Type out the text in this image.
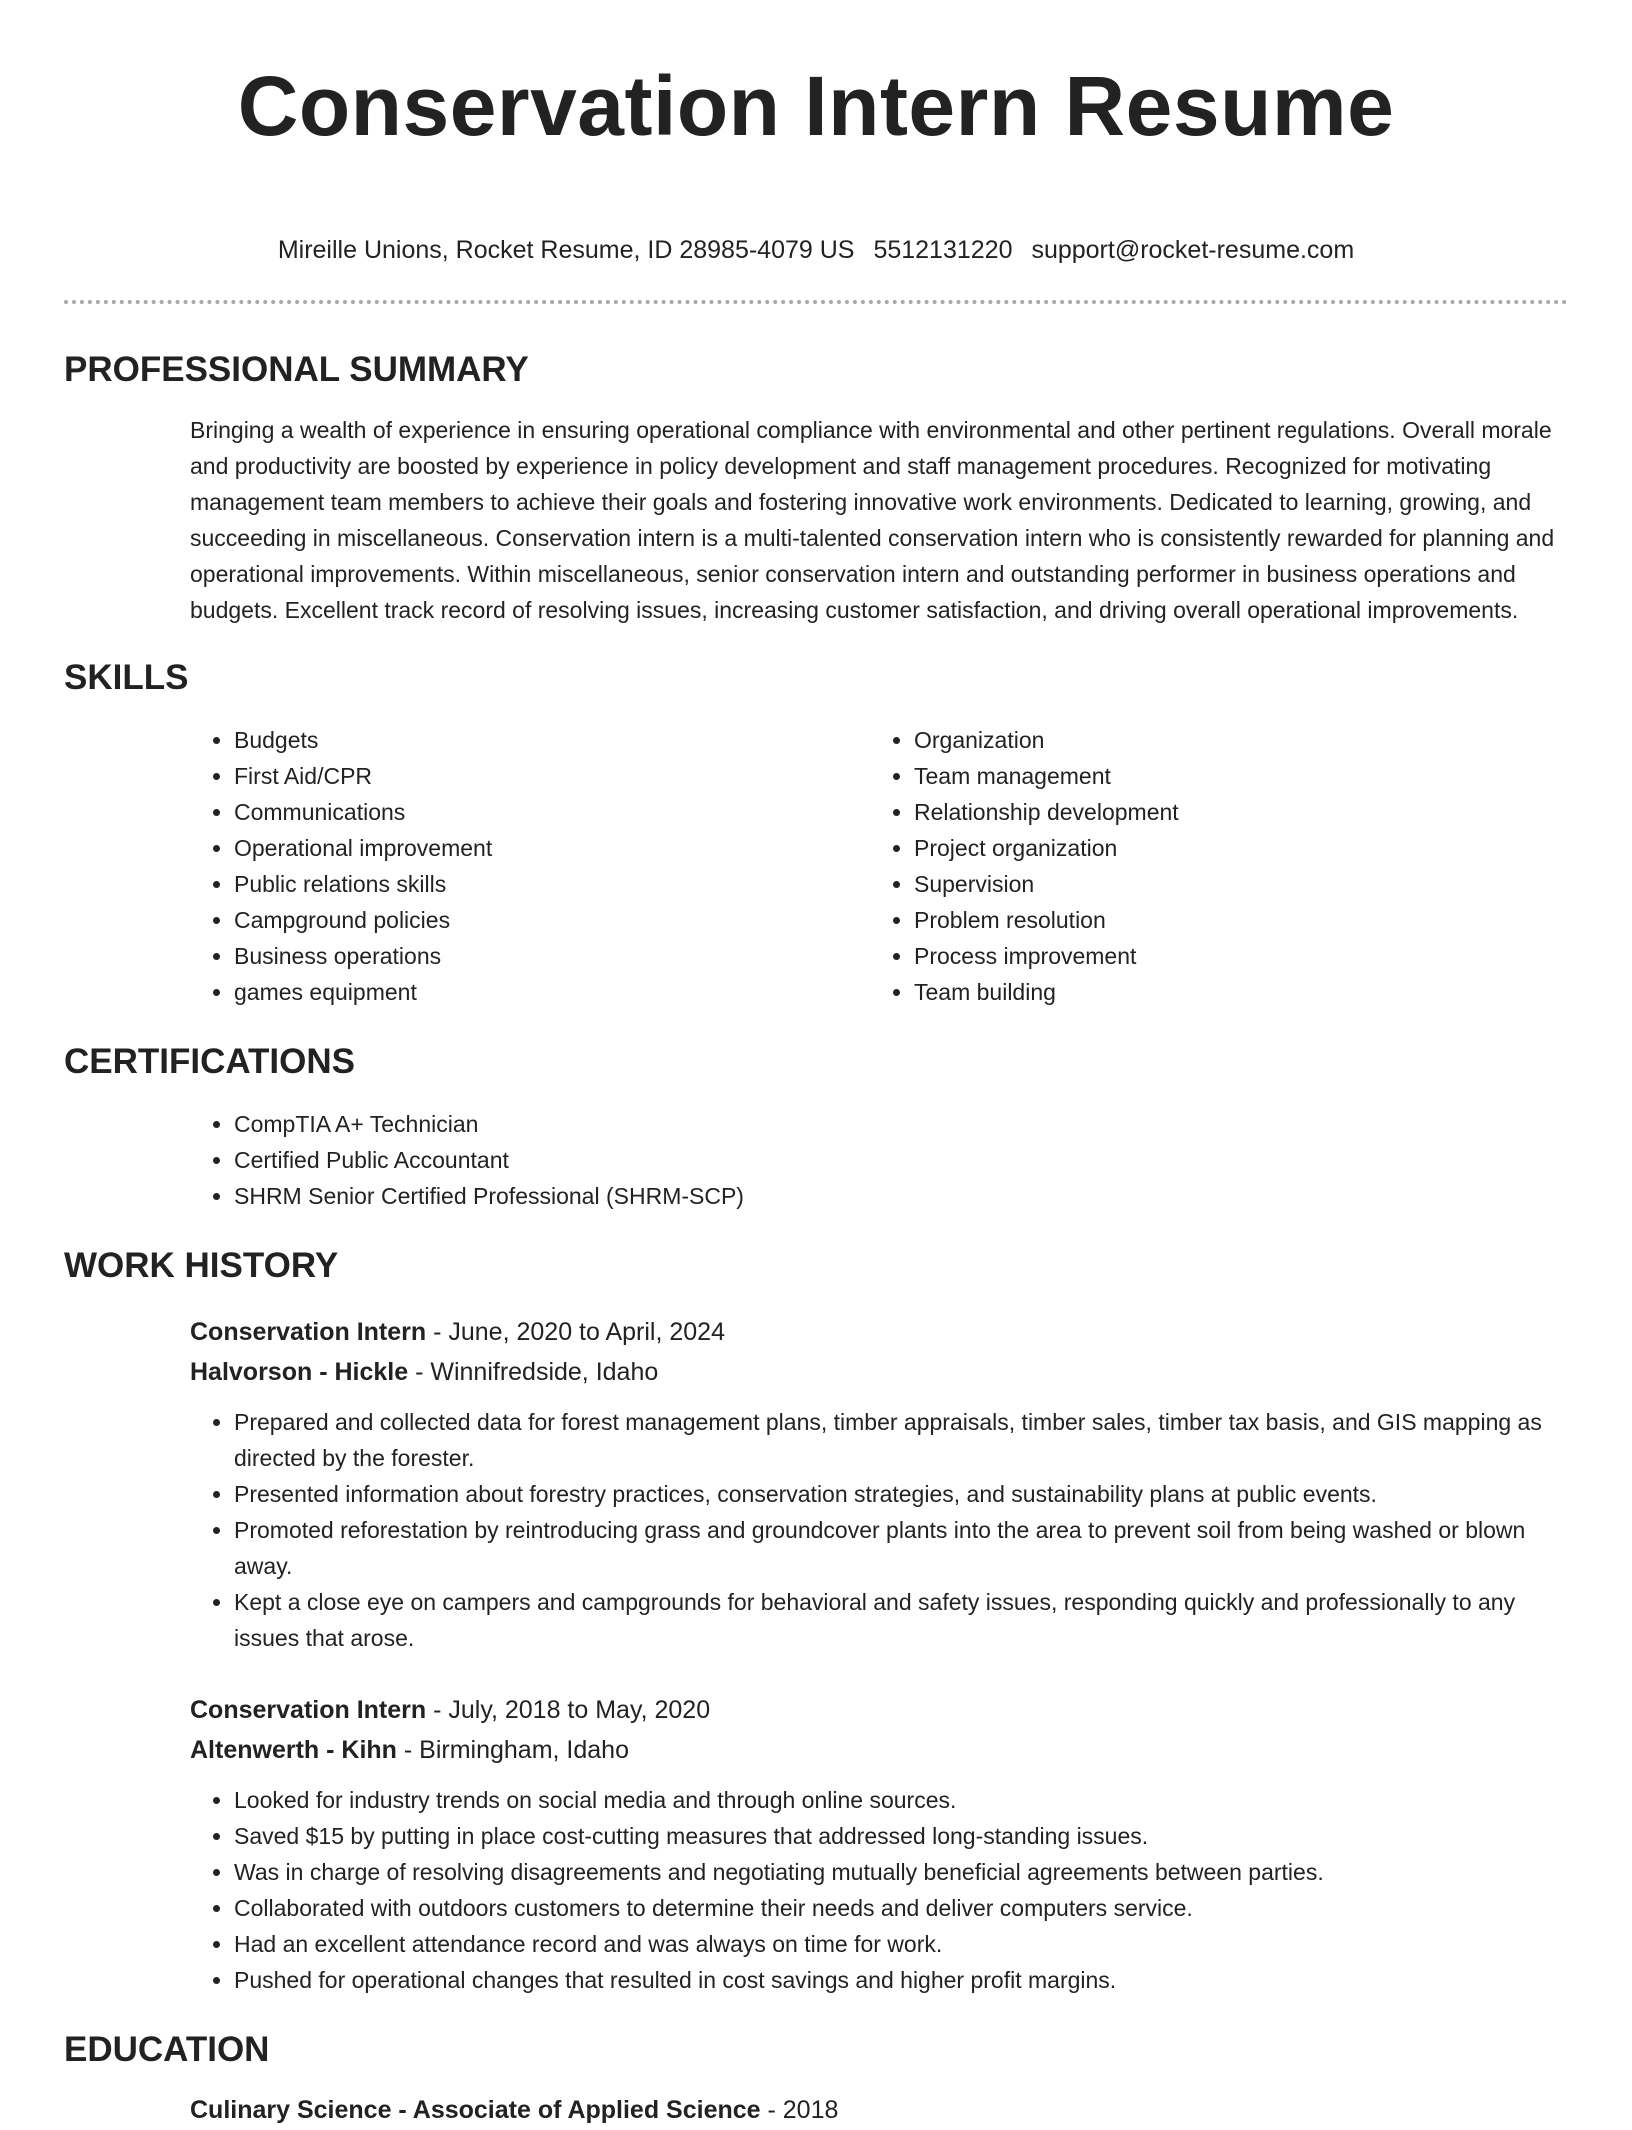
Conservation Intern Resume
Mireille Unions, Rocket Resume, ID 28985-4079 US 5512131220 support@rocket-resume.com
PROFESSIONAL SUMMARY

Bringing a wealth of experience in ensuring operational compliance with environmental and other pertinent regulations. Overall morale and productivity are boosted by experience in policy development and staff management procedures. Recognized for motivating management team members to achieve their goals and fostering innovative work environments. Dedicated to learning, growing, and succeeding in miscellaneous. Conservation intern is a multi-talented conservation intern who is consistently rewarded for planning and operational improvements. Within miscellaneous, senior conservation intern and outstanding performer in business operations and budgets. Excellent track record of resolving issues, increasing customer satisfaction, and driving overall operational improvements.

SKILLS
• Budgets
• First Aid/CPR
• Communications
• Operational improvement
• Public relations skills
• Campground policies
• Business operations
• games equipment
• Organization
• Team management
• Relationship development
• Project organization
• Supervision
• Problem resolution
• Process improvement
• Team building
CERTIFICATIONS
• CompTIA A+ Technician
• Certified Public Accountant
• SHRM Senior Certified Professional (SHRM-SCP)
WORK HISTORY
Conservation Intern - June, 2020 to April, 2024
Halvorson - Hickle - Winnifredside, Idaho
• Prepared and collected data for forest management plans, timber appraisals, timber sales, timber tax basis, and GIS mapping as directed by the forester.
• Presented information about forestry practices, conservation strategies, and sustainability plans at public events.
• Promoted reforestation by reintroducing grass and groundcover plants into the area to prevent soil from being washed or blown away.
• Kept a close eye on campers and campgrounds for behavioral and safety issues, responding quickly and professionally to any issues that arose.
Conservation Intern - July, 2018 to May, 2020
Altenwerth - Kihn - Birmingham, Idaho
• Looked for industry trends on social media and through online sources.
• Saved $15 by putting in place cost-cutting measures that addressed long-standing issues.
• Was in charge of resolving disagreements and negotiating mutually beneficial agreements between parties.
• Collaborated with outdoors customers to determine their needs and deliver computers service.
• Had an excellent attendance record and was always on time for work.
• Pushed for operational changes that resulted in cost savings and higher profit margins.
EDUCATION
Culinary Science - Associate of Applied Science - 2018
